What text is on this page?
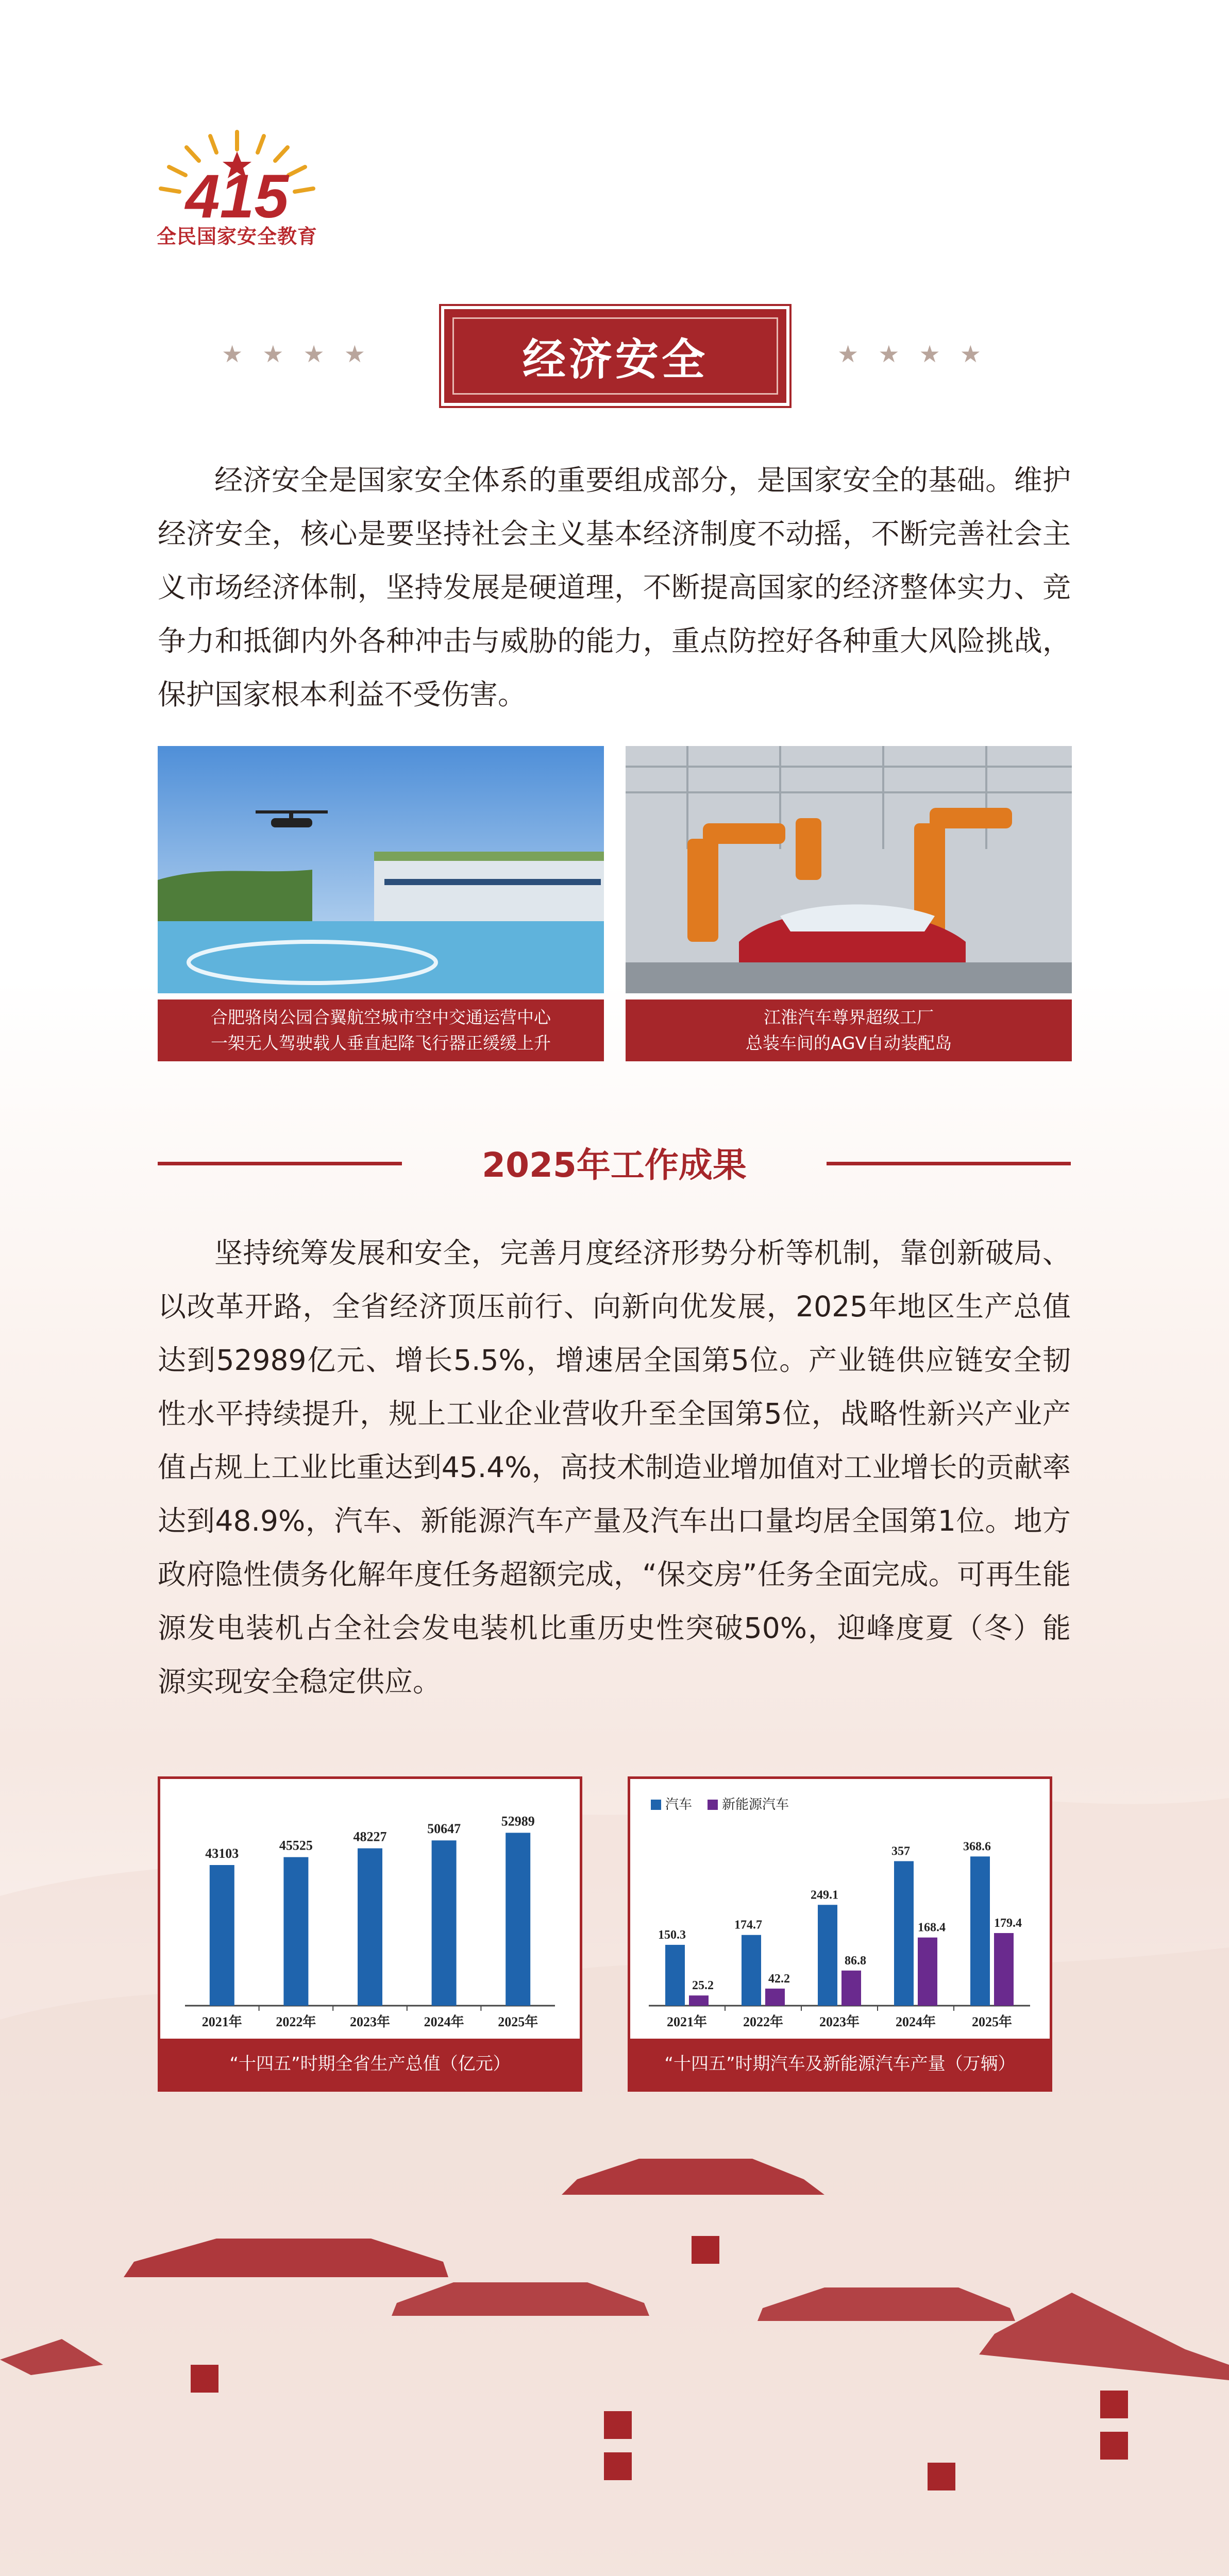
415
全民国家安全教育
★★★★	经济安全	★★★★

经济安全是国家安全体系的重要组成部分，是国家安全的基础。维护经济安全，核心是要坚持社会主义基本经济制度不动摇，不断完善社会主义市场经济体制，坚持发展是硬道理，不断提高国家的经济整体实力、竞争力和抵御内外各种冲击与威胁的能力，重点防控好各种重大风险挑战，保护国家根本利益不受伤害。

合肥骆岗公园合翼航空城市空中交通运营中心
一架无人驾驶载人垂直起降飞行器正缓缓上升
江淮汽车尊界超级工厂
总装车间的AGV自动装配岛
2025年工作成果

坚持统筹发展和安全，完善月度经济形势分析等机制，靠创新破局、以改革开路，全省经济顶压前行、向新向优发展，2025年地区生产总值达到52989亿元、增长5.5%，增速居全国第5位。产业链供应链安全韧性水平持续提升，规上工业企业营收升至全国第5位，战略性新兴产业产值占规上工业比重达到45.4%，高技术制造业增加值对工业增长的贡献率达到48.9%，汽车、新能源汽车产量及汽车出口量均居全国第1位。地方政府隐性债务化解年度任务超额完成，“保交房”任务全面完成。可再生能源发电装机占全社会发电装机比重历史性突破50%，迎峰度夏（冬）能源实现安全稳定供应。

43103
2021年
45525
2022年
48227
2023年
50647
2024年
52989
2025年
“十四五”时期全省生产总值（亿元）
汽车 新能源汽车
150.3
25.2
2021年
174.7
42.2
2022年
249.1
86.8
2023年
357
168.4
2024年
368.6
179.4
2025年
“十四五”时期汽车及新能源汽车产量（万辆）
